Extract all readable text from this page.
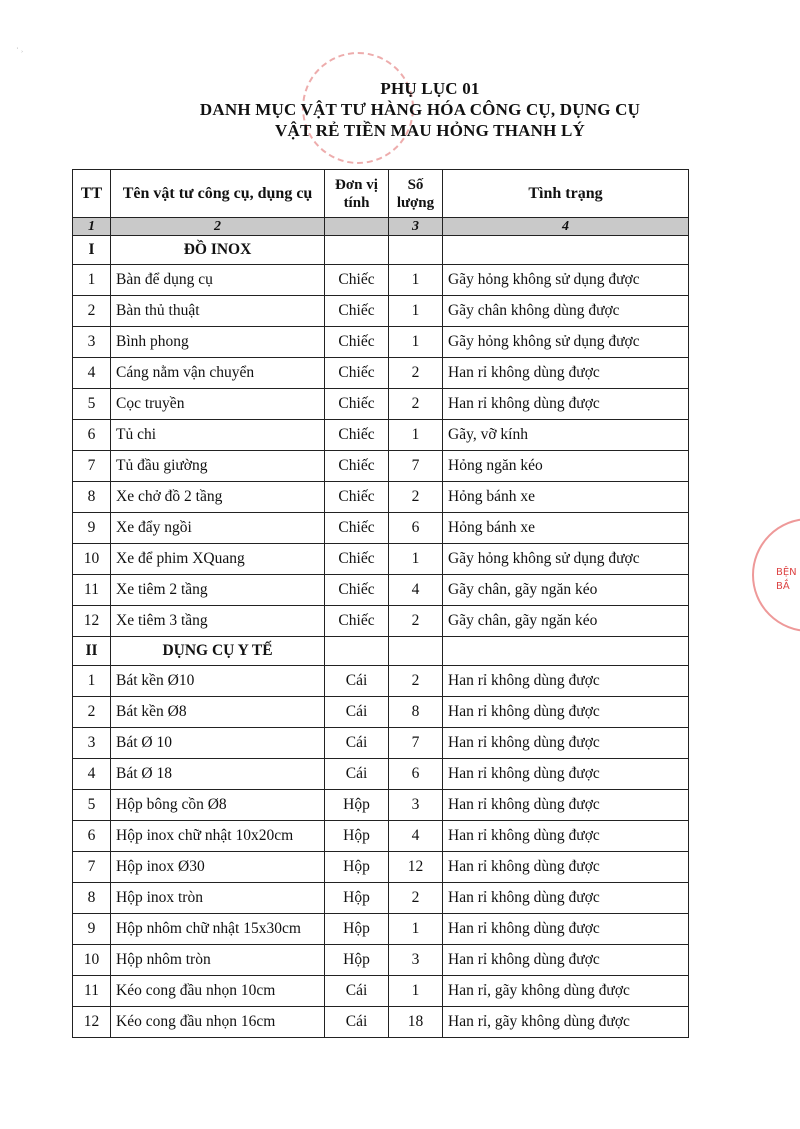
˙ ˒
BỆN
BẮ
PHỤ LỤC 01
DANH MỤC VẬT TƯ HÀNG HÓA CÔNG CỤ, DỤNG CỤ
VẬT RẺ TIỀN MAU HỎNG THANH LÝ
TT	Tên vật tư công cụ, dụng cụ	Đơn vị tính	Số lượng	Tình trạng
1	2		3	4
I	ĐỒ INOX			
1	Bàn để dụng cụ	Chiếc	1	Gãy hỏng không sử dụng được
2	Bàn thủ thuật	Chiếc	1	Gãy chân không dùng được
3	Bình phong	Chiếc	1	Gãy hỏng không sử dụng được
4	Cáng nằm vận chuyển	Chiếc	2	Han rỉ không dùng được
5	Cọc truyền	Chiếc	2	Han rỉ không dùng được
6	Tủ chi	Chiếc	1	Gãy, vỡ kính
7	Tủ đầu giường	Chiếc	7	Hỏng ngăn kéo
8	Xe chở đồ 2 tầng	Chiếc	2	Hỏng bánh xe
9	Xe đẩy ngồi	Chiếc	6	Hỏng bánh xe
10	Xe để phim XQuang	Chiếc	1	Gãy hỏng không sử dụng được
11	Xe tiêm 2 tầng	Chiếc	4	Gãy chân, gãy ngăn kéo
12	Xe tiêm 3 tầng	Chiếc	2	Gãy chân, gãy ngăn kéo
II	DỤNG CỤ Y TẾ			
1	Bát kền Ø10	Cái	2	Han rỉ không dùng được
2	Bát kền Ø8	Cái	8	Han rỉ không dùng được
3	Bát Ø 10	Cái	7	Han rỉ không dùng được
4	Bát Ø 18	Cái	6	Han rỉ không dùng được
5	Hộp bông cồn Ø8	Hộp	3	Han rỉ không dùng được
6	Hộp inox chữ nhật 10x20cm	Hộp	4	Han rỉ không dùng được
7	Hộp inox Ø30	Hộp	12	Han rỉ không dùng được
8	Hộp inox tròn	Hộp	2	Han rỉ không dùng được
9	Hộp nhôm chữ nhật 15x30cm	Hộp	1	Han rỉ không dùng được
10	Hộp nhôm tròn	Hộp	3	Han rỉ không dùng được
11	Kéo cong đầu nhọn 10cm	Cái	1	Han rỉ, gãy không dùng được
12	Kéo cong đầu nhọn 16cm	Cái	18	Han rỉ, gãy không dùng được
